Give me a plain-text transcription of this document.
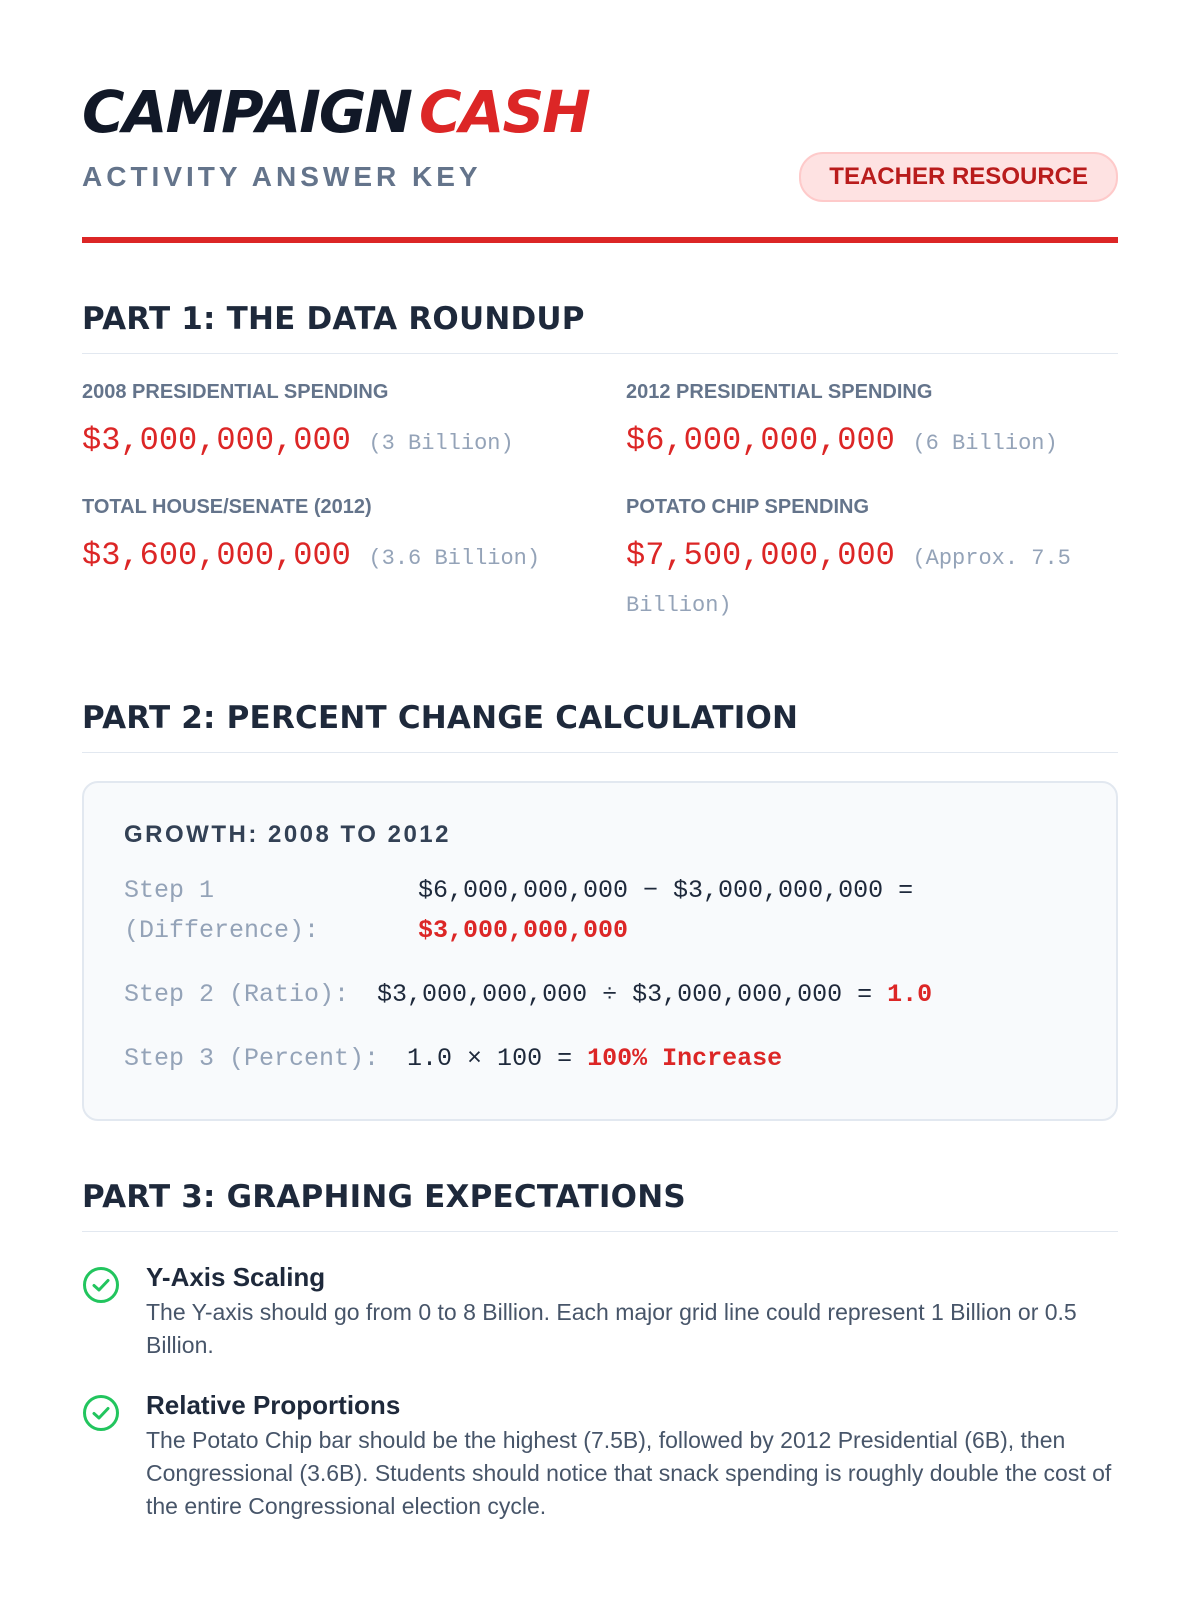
CAMPAIGN CASH
ACTIVITY ANSWER KEY	TEACHER RESOURCE
PART 1: THE DATA ROUNDUP
2008 PRESIDENTIAL SPENDING
$3,000,000,000 (3 Billion)
2012 PRESIDENTIAL SPENDING
$6,000,000,000 (6 Billion)
TOTAL HOUSE/SENATE (2012)
$3,600,000,000 (3.6 Billion)
POTATO CHIP SPENDING
$7,500,000,000 (Approx. 7.5 Billion)
PART 2: PERCENT CHANGE CALCULATION
GROWTH: 2008 TO 2012
Step 1 (Difference):
$6,000,000,000 − $3,000,000,000 = $3,000,000,000
Step 2 (Ratio): $3,000,000,000 ÷ $3,000,000,000 =
1.0
Step 3 (Percent): 1.0 × 100 =
100% Increase
PART 3: GRAPHING EXPECTATIONS
Y-Axis Scaling
The Y-axis should go from 0 to 8 Billion. Each major grid line could represent 1 Billion or 0.5 Billion.
Relative Proportions
The Potato Chip bar should be the highest (7.5B), followed by 2012 Presidential (6B), then Congressional (3.6B). Students should notice that snack spending is roughly double the cost of the entire Congressional election cycle.
